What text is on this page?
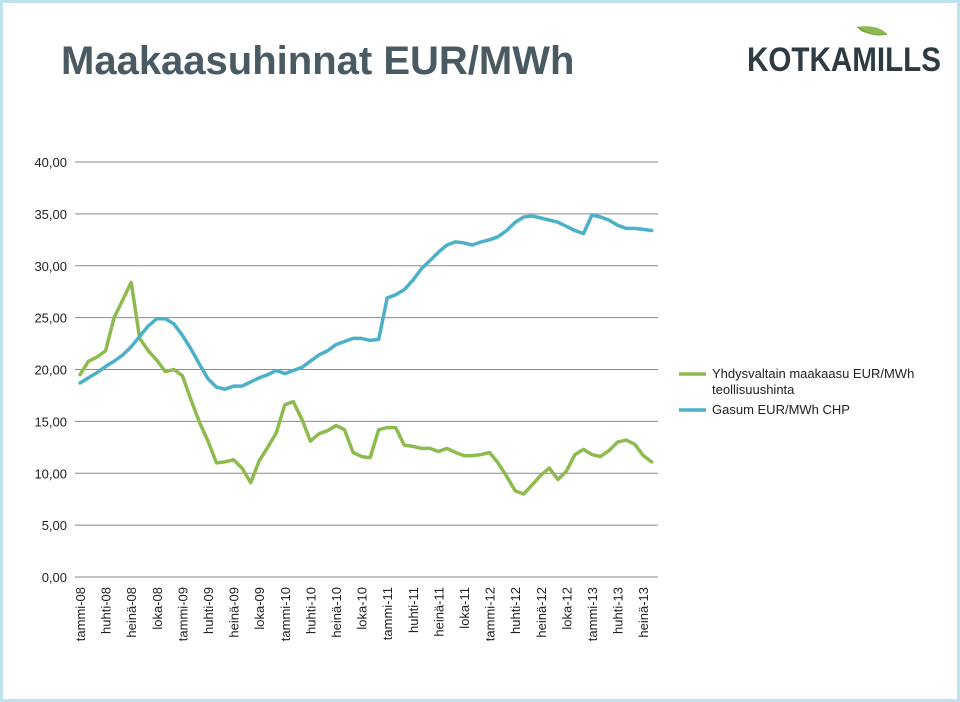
Maakaasuhinnat EUR/MWh	KOTKAMILLS
0,00
5,00
10,00
15,00
20,00
25,00
30,00
35,00
40,00
tammi-08 huhti-08 heinä-08 loka-08 tammi-09 huhti-09 heinä-09 loka-09 tammi-10 huhti-10 heinä-10 loka-10 tammi-11 huhti-11 heinä-11 loka-11 tammi-12 huhti-12 heinä-12 loka-12 tammi-13 huhti-13 heinä-13
Yhdysvaltain maakaasu EUR/MWh teollisuushinta
Gasum EUR/MWh CHP
